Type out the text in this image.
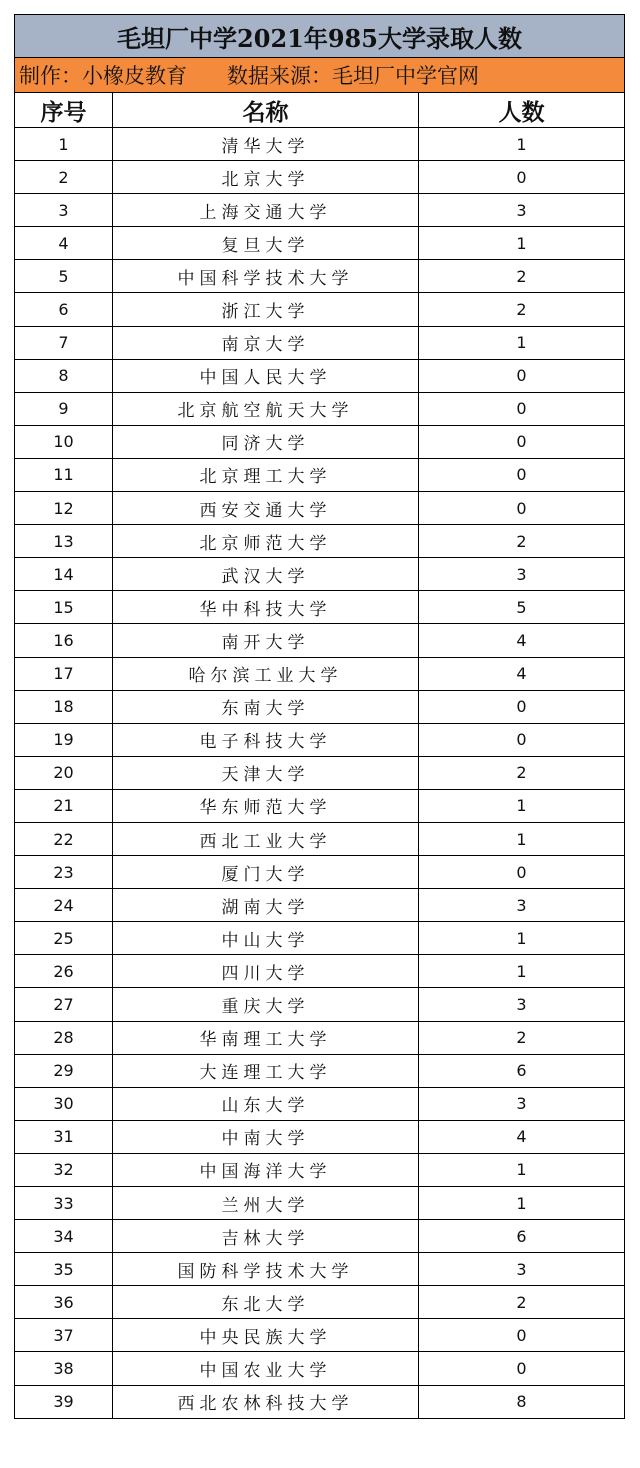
毛坦厂中学2021年985大学录取人数		
制作：小橡皮教育 数据来源：毛坦厂中学官网		
序号	名称	人数
1	清华大学	1
2	北京大学	0
3	上海交通大学	3
4	复旦大学	1
5	中国科学技术大学	2
6	浙江大学	2
7	南京大学	1
8	中国人民大学	0
9	北京航空航天大学	0
10	同济大学	0
11	北京理工大学	0
12	西安交通大学	0
13	北京师范大学	2
14	武汉大学	3
15	华中科技大学	5
16	南开大学	4
17	哈尔滨工业大学	4
18	东南大学	0
19	电子科技大学	0
20	天津大学	2
21	华东师范大学	1
22	西北工业大学	1
23	厦门大学	0
24	湖南大学	3
25	中山大学	1
26	四川大学	1
27	重庆大学	3
28	华南理工大学	2
29	大连理工大学	6
30	山东大学	3
31	中南大学	4
32	中国海洋大学	1
33	兰州大学	1
34	吉林大学	6
35	国防科学技术大学	3
36	东北大学	2
37	中央民族大学	0
38	中国农业大学	0
39	西北农林科技大学	8
